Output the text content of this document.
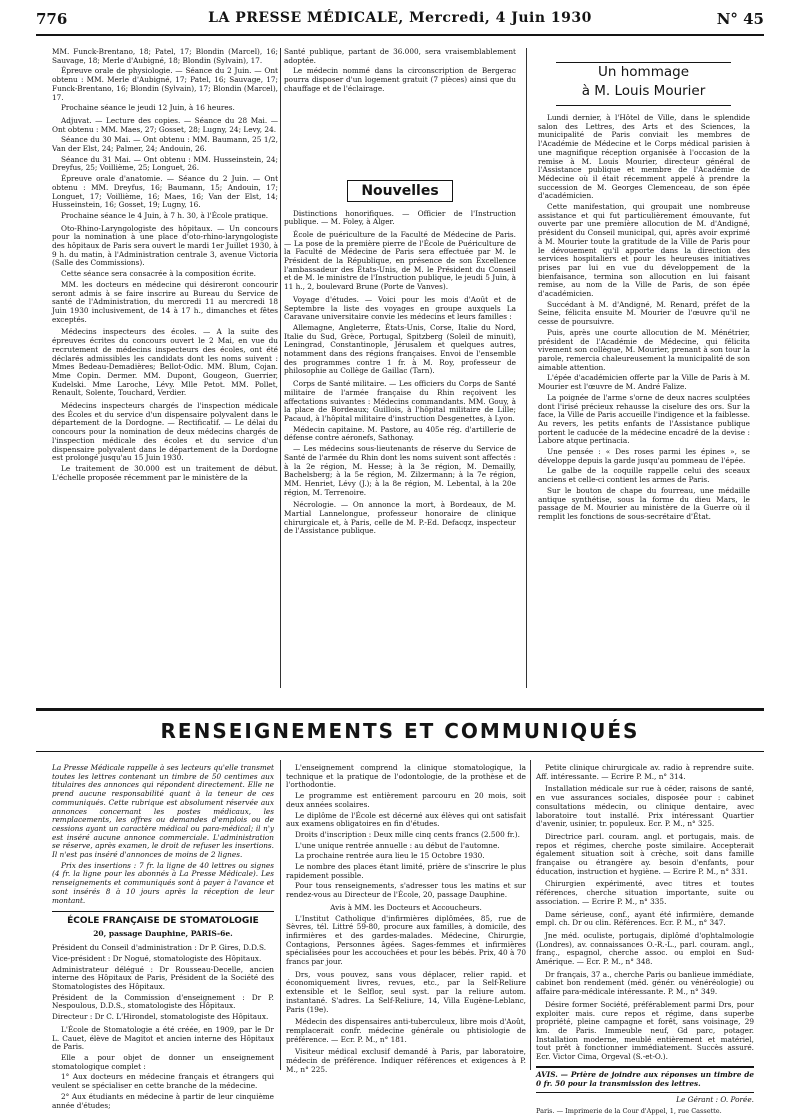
776	LA PRESSE MÉDICALE, Mercredi, 4 Juin 1930	N° 45

MM. Funck-Brentano, 18; Patel, 17; Blondin (Marcel), 16; Sauvage, 18; Merle d'Aubigné, 18; Blondin (Sylvain), 17.

Épreuve orale de physiologie. — Séance du 2 Juin. — Ont obtenu : MM. Merle d'Aubigné, 17; Patel, 16; Sauvage, 17; Funck-Brentano, 16; Blondin (Sylvain), 17; Blondin (Marcel), 17.

Prochaine séance le jeudi 12 Juin, à 16 heures.

Adjuvat. — Lecture des copies. — Séance du 28 Mai. — Ont obtenu : MM. Maes, 27; Gosset, 28; Lugny, 24; Levy, 24.

Séance du 30 Mai. — Ont obtenu : MM. Baumann, 25 1/2, Van der Elst, 24; Palmer, 24; Andouin, 26.

Séance du 31 Mai. — Ont obtenu : MM. Husseinstein, 24; Dreyfus, 25; Voillième, 25; Longuet, 26.

Épreuve orale d'anatomie. — Séance du 2 Juin. — Ont obtenu : MM. Dreyfus, 16; Baumann, 15; Andouin, 17; Longuet, 17; Voillième, 16; Maes, 16; Van der Elst, 14; Husseinstein, 16; Gosset, 19; Lugny, 16.

Prochaine séance le 4 Juin, à 7 h. 30, à l'École pratique.

Oto-Rhino-Laryngologiste des hôpitaux. — Un concours pour la nomination à une place d'oto-rhino-laryngologiste des hôpitaux de Paris sera ouvert le mardi 1er Juillet 1930, à 9 h. du matin, à l'Administration centrale 3, avenue Victoria (Salle des Commissions).

Cette séance sera consacrée à la composition écrite.

MM. les docteurs en médecine qui désireront concourir seront admis à se faire inscrire au Bureau du Service de santé de l'Administration, du mercredi 11 au mercredi 18 Juin 1930 inclusivement, de 14 à 17 h., dimanches et fêtes exceptés.

Médecins inspecteurs des écoles. — A la suite des épreuves écrites du concours ouvert le 2 Mai, en vue du recrutement de médecins inspecteurs des écoles, ont été déclarés admissibles les candidats dont les noms suivent : Mmes Bedeau-Demadières; Bellot-Odic. MM. Blum, Cojan. Mme Copin. Dermer. MM. Dupont, Gougeon, Guerrier, Kudelski. Mme Laroche, Lévy. Mlle Petot. MM. Pollet, Renault, Solente, Touchard, Verdier.

Médecins inspecteurs chargés de l'inspection médicale des Écoles et du service d'un dispensaire polyvalent dans le département de la Dordogne. — Rectificatif. — Le délai du concours pour la nomination de deux médecins chargés de l'inspection médicale des écoles et du service d'un dispensaire polyvalent dans le département de la Dordogne est prolongé jusqu'au 15 Juin 1930.

Le traitement de 30.000 est un traitement de début. L'échelle proposée récemment par le ministère de la

Santé publique, partant de 36.000, sera vraisemblablement adoptée.

Le médecin nommé dans la circonscription de Bergerac pourra disposer d'un logement gratuit (7 pièces) ainsi que du chauffage et de l'éclairage.

Nouvelles

Distinctions honorifiques. — Officier de l'Instruction publique. — M. Foley, à Alger.

École de puériculture de la Faculté de Médecine de Paris. — La pose de la première pierre de l'École de Puériculture de la Faculté de Médecine de Paris sera effectuée par M. le Président de la République, en présence de son Excellence l'ambassadeur des États-Unis, de M. le Président du Conseil et de M. le ministre de l'Instruction publique, le jeudi 5 Juin, à 11 h., 2, boulevard Brune (Porte de Vanves).

Voyage d'études. — Voici pour les mois d'Août et de Septembre la liste des voyages en groupe auxquels La Caravane universitaire convie les médecins et leurs familles :

Allemagne, Angleterre, États-Unis, Corse, Italie du Nord, Italie du Sud, Grèce, Portugal, Spitzberg (Soleil de minuit), Leningrad, Constantinople, Jérusalem et quelques autres, notamment dans des régions françaises. Envoi de l'ensemble des programmes contre 1 fr. à M. Roy, professeur de philosophie au Collège de Gaillac (Tarn).

Corps de Santé militaire. — Les officiers du Corps de Santé militaire de l'armée française du Rhin reçoivent les affectations suivantes : Médecins commandants. MM. Gouy, à la place de Bordeaux; Guillois, à l'hôpital militaire de Lille; Pacaud, à l'hôpital militaire d'instruction Desgenettes, à Lyon.

Médecin capitaine. M. Pastore, au 405e rég. d'artillerie de défense contre aéronefs, Sathonay.

— Les médecins sous-lieutenants de réserve du Service de Santé de l'armée du Rhin dont les noms suivent sont affectés : à la 2e région, M. Hesse; à la 3e région, M. Demailly, Bachelsberg; à la 5e région, M. Zilzermann; à la 7e région, MM. Henriet, Lévy (J.); à la 8e région, M. Lebental, à la 20e région, M. Terrenoire.

Nécrologie. — On annonce la mort, à Bordeaux, de M. Martial Lannelongue, professeur honoraire de clinique chirurgicale et, à Paris, celle de M. P.-Ed. Defacqz, inspecteur de l'Assistance publique.

Un hommage
à M. Louis Mourier

Lundi dernier, à l'Hôtel de Ville, dans le splendide salon des Lettres, des Arts et des Sciences, la municipalité de Paris conviait les membres de l'Académie de Médecine et le Corps médical parisien à une magnifique réception organisée à l'occasion de la remise à M. Louis Mourier, directeur général de l'Assistance publique et membre de l'Académie de Médecine où il était récemment appelé à prendre la succession de M. Georges Clemenceau, de son épée d'académicien.

Cette manifestation, qui groupait une nombreuse assistance et qui fut particulièrement émouvante, fut ouverte par une première allocution de M. d'Andigné, président du Conseil municipal, qui, après avoir exprimé à M. Mourier toute la gratitude de la Ville de Paris pour le dévouement qu'il apporte dans la direction des services hospitaliers et pour les heureuses initiatives prises par lui en vue du développement de la bienfaisance, termina son allocution en lui faisant remise, au nom de la Ville de Paris, de son épée d'académicien.

Succédant à M. d'Andigné, M. Renard, préfet de la Seine, félicita ensuite M. Mourier de l'œuvre qu'il ne cesse de poursuivre.

Puis, après une courte allocution de M. Ménétrier, président de l'Académie de Médecine, qui félicita vivement son collègue, M. Mourier, prenant à son tour la parole, remercia chaleureusement la municipalité de son aimable attention.

L'épée d'académicien offerte par la Ville de Paris à M. Mourier est l'œuvre de M. André Falize.

La poignée de l'arme s'orne de deux nacres sculptées dont l'irisé précieux rehausse la ciselure des ors. Sur la face, la Ville de Paris accueille l'indigence et la faiblesse. Au revers, les petits enfants de l'Assistance publique portent le caducée de la médecine encadré de la devise : Labore atque pertinacia.

Une pensée : « Des roses parmi les épines », se développe depuis la garde jusqu'au pommeau de l'épée.

Le galbe de la coquille rappelle celui des sceaux anciens et celle-ci contient les armes de Paris.

Sur le bouton de chape du fourreau, une médaille antique synthétise, sous la forme du dieu Mars, le passage de M. Mourier au ministère de la Guerre où il remplit les fonctions de sous-secrétaire d'État.

RENSEIGNEMENTS ET COMMUNIQUÉS

La Presse Médicale rappelle à ses lecteurs qu'elle transmet toutes les lettres contenant un timbre de 50 centimes aux titulaires des annonces qui répondent directement. Elle ne prend aucune responsabilité quant à la teneur de ces communiqués. Cette rubrique est absolument réservée aux annonces concernant les postes médicaux, les remplacements, les offres ou demandes d'emplois ou de cessions ayant un caractère médical ou para-médical; il n'y est inséré aucune annonce commerciale. L'administration se réserve, après examen, le droit de refuser les insertions. Il n'est pas inséré d'annonces de moins de 2 lignes.

Prix des insertions : 7 fr. la ligne de 40 lettres ou signes (4 fr. la ligne pour les abonnés à La Presse Médicale). Les renseignements et communiqués sont à payer à l'avance et sont insérés 8 à 10 jours après la réception de leur montant.

ÉCOLE FRANÇAISE DE STOMATOLOGIE
20, passage Dauphine, PARIS-6e.

Président du Conseil d'administration : Dr P. Gires, D.D.S.

Vice-président : Dr Nogué, stomatologiste des Hôpitaux.

Administrateur délégué : Dr Rousseau-Decelle, ancien interne des Hôpitaux de Paris, Président de la Société des Stomatologistes des Hôpitaux.

Président de la Commission d'enseignement : Dr P. Nespoulous, D.D.S., stomatologiste des Hôpitaux.

Directeur : Dr C. L'Hirondel, stomatologiste des Hôpitaux.

L'École de Stomatologie a été créée, en 1909, par le Dr L. Cauet, élève de Magitot et ancien interne des Hôpitaux de Paris.

Elle a pour objet de donner un enseignement stomatologique complet :

1° Aux docteurs en médecine français et étrangers qui veulent se spécialiser en cette branche de la médecine.

2° Aux étudiants en médecine à partir de leur cinquième année d'études;

L'enseignement comprend la clinique stomatologique, la technique et la pratique de l'odontologie, de la prothèse et de l'orthodontie.

Le programme est entièrement parcouru en 20 mois, soit deux années scolaires.

Le diplôme de l'École est décerné aux élèves qui ont satisfait aux examens obligatoires en fin d'études.

Droits d'inscription : Deux mille cinq cents francs (2.500 fr.).

L'une unique rentrée annuelle : au début de l'automne.

La prochaine rentrée aura lieu le 15 Octobre 1930.

Le nombre des places étant limité, prière de s'inscrire le plus rapidement possible.

Pour tous renseignements, s'adresser tous les matins et sur rendez-vous au Directeur de l'École, 20, passage Dauphine.

Avis à MM. les Docteurs et Accoucheurs.

L'Institut Catholique d'infirmières diplômées, 85, rue de Sèvres, tél. Littré 59-80, procure aux familles, à domicile, des infirmières et des gardes-malades. Médecine, Chirurgie, Contagions, Personnes âgées. Sages-femmes et infirmières spécialisées pour les accouchées et pour les bébés. Prix, 40 à 70 francs par jour.

Drs, vous pouvez, sans vous déplacer, relier rapid. et économiquement livres, revues, etc., par la Self-Reliure extensible et le Selflor, seul syst. par la reliure autom. instantané. S'adres. La Self-Reliure, 14, Villa Eugène-Leblanc, Paris (19e).

Médecin des dispensaires anti-tuberculeux, libre mois d'Août, remplacerait confr. médecine générale ou phtisiologie de préférence. — Ecr. P. M., n° 181.

Visiteur médical exclusif demandé à Paris, par laboratoire, médecin de préférence. Indiquer références et exigences à P. M., n° 225.

Petite clinique chirurgicale av. radio à reprendre suite. Aff. intéressante. — Ecrire P. M., n° 314.

Installation médicale sur rue à céder, raisons de santé, en vue assurances sociales, disposée pour : cabinet consultations médecin, ou clinique dentaire, avec laboratoire tout installé. Prix intéressant Quartier d'avenir, usinier, tr. populeux. Ecr. P. M., n° 325.

Directrice parl. couram. angl. et portugais, mais. de repos et régimes, cherche poste similaire. Accepterait également situation soit à crèche, soit dans famille française ou étrangère ay. besoin d'enfants, pour éducation, instruction et hygiène. — Ecrire P. M., n° 331.

Chirurgien expérimenté, avec titres et toutes références, cherche situation importante, suite ou association. — Ecrire P. M., n° 335.

Dame sérieuse, conf., ayant été infirmière, demande empl. ch. Dr ou clin. Références. Ecr. P. M., n° 347.

Jne méd. oculiste, portugais, diplômé d'ophtalmologie (Londres), av. connaissances O.-R.-L., parl. couram. angl., franç., espagnol, cherche assoc. ou emploi en Sud-Amérique. — Ecr. P. M., n° 348.

Dr français, 37 a., cherche Paris ou banlieue immédiate, cabinet bon rendement (méd. génér. ou vénéréologie) ou affaire para-médicale intéressante. P. M., n° 349.

Désire former Société, préférablement parmi Drs, pour exploiter mais. cure repos et régime, dans superbe propriété, pleine campagne et forêt, sans voisinage, 29 km. de Paris. Immeuble neuf, Gd parc, potager. Installation moderne, meublé entièrement et matériel, tout prêt à fonctionner immédiatement. Succès assuré. Ecr. Victor Cima, Orgeval (S.-et-O.).

AVIS. — Prière de joindre aux réponses un timbre de 0 fr. 50 pour la transmission des lettres.

Le Gérant : O. Porée.

Paris. — Imprimerie de la Cour d'Appel, 1, rue Cassette.
